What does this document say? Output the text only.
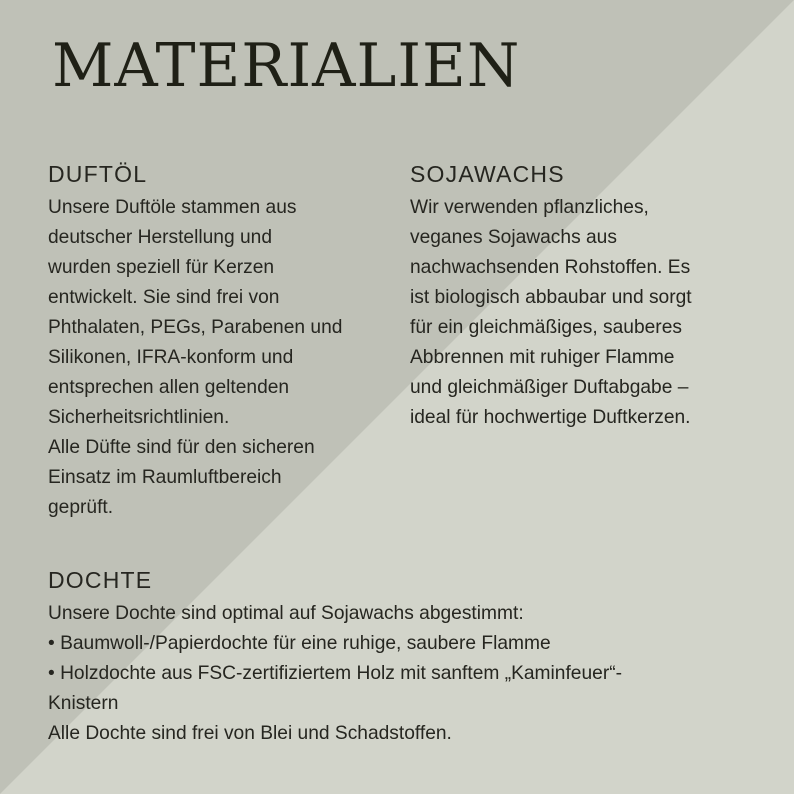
MATERIALIEN
DUFTÖL

Unsere Duftöle stammen aus

deutscher Herstellung und

wurden speziell für Kerzen

entwickelt. Sie sind frei von

Phthalaten, PEGs, Parabenen und

Silikonen, IFRA-konform und

entsprechen allen geltenden

Sicherheitsrichtlinien.

Alle Düfte sind für den sicheren

Einsatz im Raumluftbereich

geprüft.

SOJAWACHS

Wir verwenden pflanzliches,

veganes Sojawachs aus

nachwachsenden Rohstoffen. Es

ist biologisch abbaubar und sorgt

für ein gleichmäßiges, sauberes

Abbrennen mit ruhiger Flamme

und gleichmäßiger Duftabgabe –

ideal für hochwertige Duftkerzen.

DOCHTE

Unsere Dochte sind optimal auf Sojawachs abgestimmt:

• Baumwoll-/Papierdochte für eine ruhige, saubere Flamme
• Holzdochte aus FSC-zertifiziertem Holz mit sanftem „Kaminfeuer“-

Knistern

Alle Dochte sind frei von Blei und Schadstoffen.
